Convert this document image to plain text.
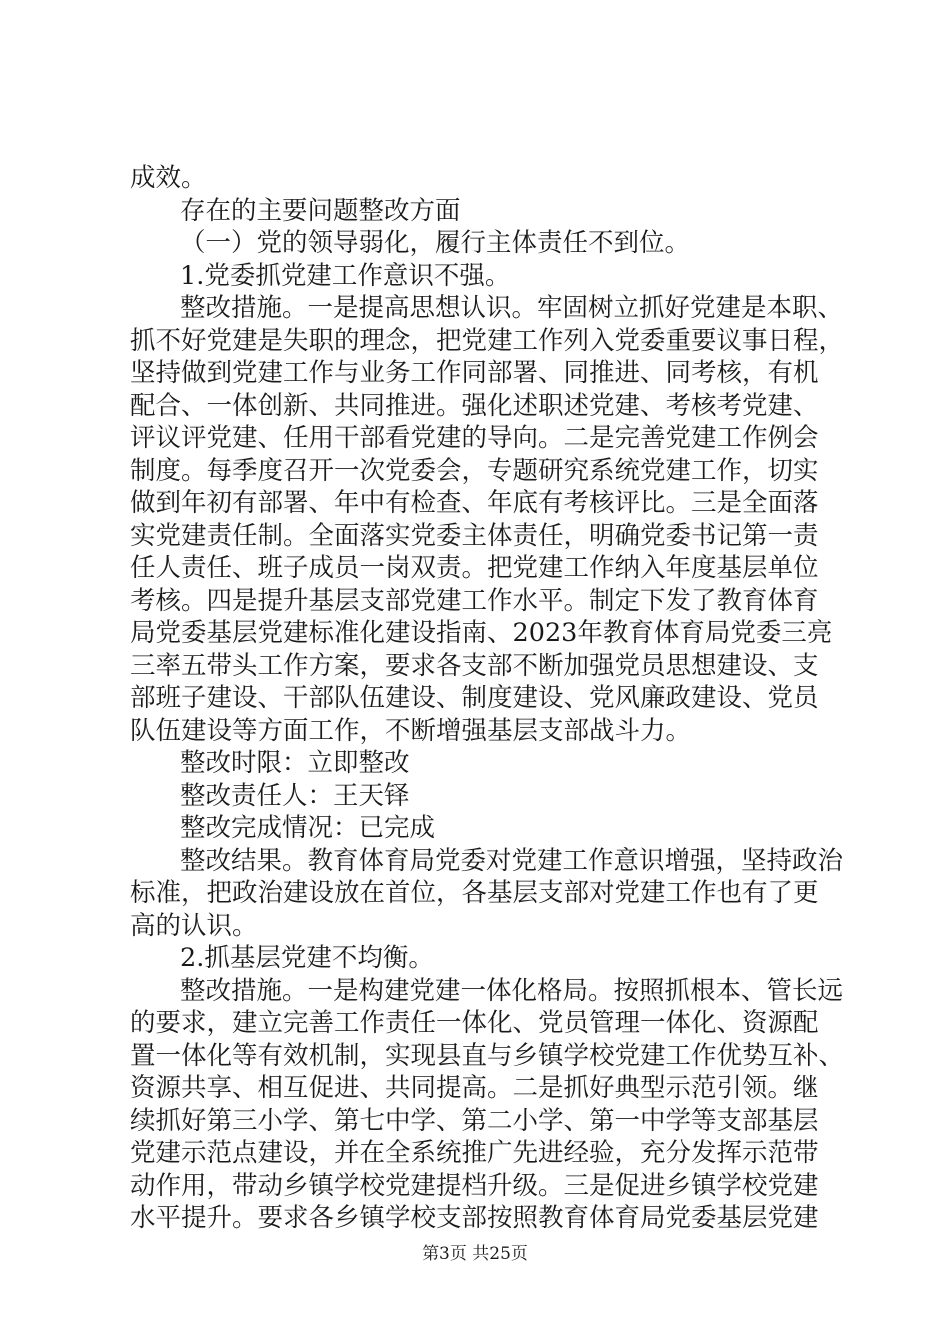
成效。

存在的主要问题整改方面

（一）党的领导弱化，履行主体责任不到位。

1.党委抓党建工作意识不强。

整改措施。一是提高思想认识。牢固树立抓好党建是本职、

抓不好党建是失职的理念，把党建工作列入党委重要议事日程，

坚持做到党建工作与业务工作同部署、同推进、同考核，有机

配合、一体创新、共同推进。强化述职述党建、考核考党建、

评议评党建、任用干部看党建的导向。二是完善党建工作例会

制度。每季度召开一次党委会，专题研究系统党建工作，切实

做到年初有部署、年中有检查、年底有考核评比。三是全面落

实党建责任制。全面落实党委主体责任，明确党委书记第一责

任人责任、班子成员一岗双责。把党建工作纳入年度基层单位

考核。四是提升基层支部党建工作水平。制定下发了教育体育

局党委基层党建标准化建设指南、2023年教育体育局党委三亮

三率五带头工作方案，要求各支部不断加强党员思想建设、支

部班子建设、干部队伍建设、制度建设、党风廉政建设、党员

队伍建设等方面工作，不断增强基层支部战斗力。

整改时限：立即整改

整改责任人：王天铎

整改完成情况：已完成

整改结果。教育体育局党委对党建工作意识增强，坚持政治

标准，把政治建设放在首位，各基层支部对党建工作也有了更

高的认识。

2.抓基层党建不均衡。

整改措施。一是构建党建一体化格局。按照抓根本、管长远

的要求，建立完善工作责任一体化、党员管理一体化、资源配

置一体化等有效机制，实现县直与乡镇学校党建工作优势互补、

资源共享、相互促进、共同提高。二是抓好典型示范引领。继

续抓好第三小学、第七中学、第二小学、第一中学等支部基层

党建示范点建设，并在全系统推广先进经验，充分发挥示范带

动作用，带动乡镇学校党建提档升级。三是促进乡镇学校党建

水平提升。要求各乡镇学校支部按照教育体育局党委基层党建

第3页 共25页
